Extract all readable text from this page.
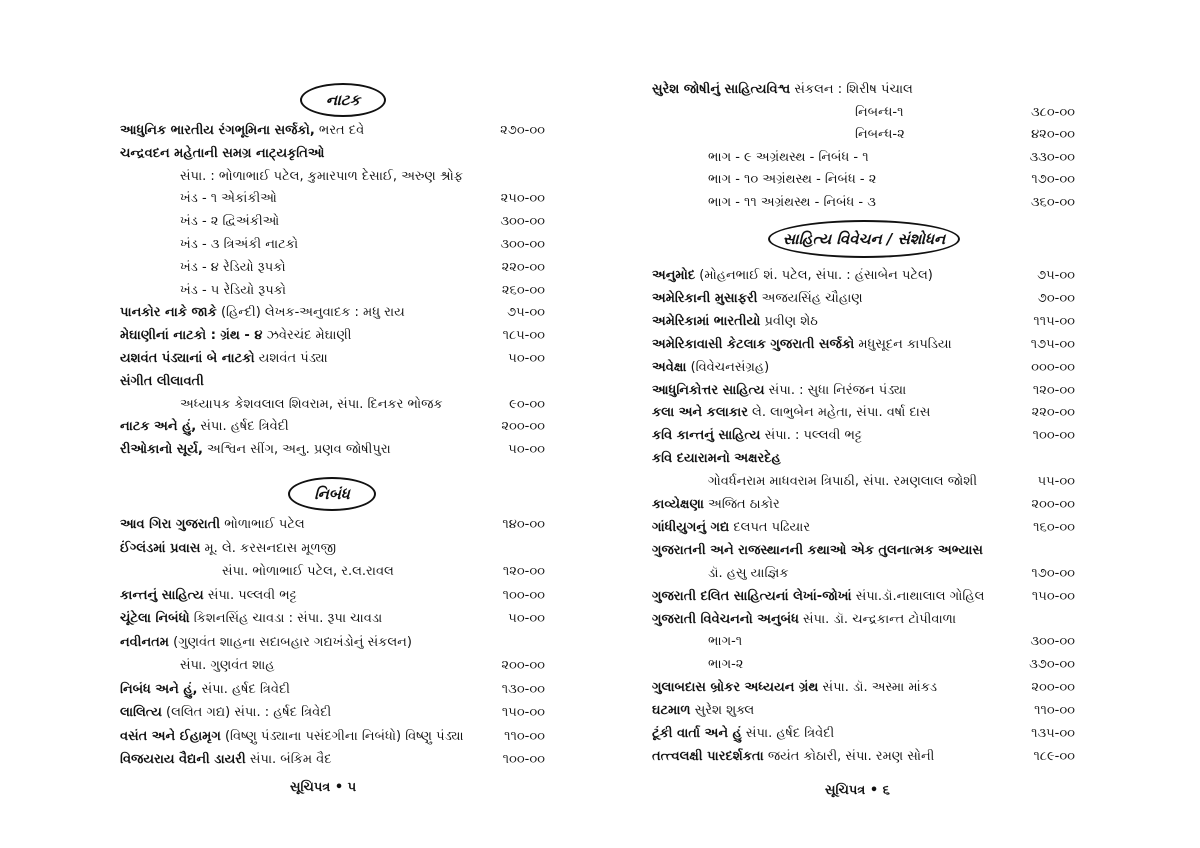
નાટક
આધુનિક ભારતીય રંગભૂમિના સર્જકો, ભરત દવે	૨૭૦-૦૦
ચન્દ્રવદન મહેતાની સમગ્ર નાટ્યકૃતિઓ
સંપા. : ભોળાભાઈ પટેલ, કુમારપાળ દેસાઈ, અરુણ શ્રોફ
ખંડ - ૧ એકાંકીઓ	૨૫૦-૦૦
ખંડ - ૨ દ્વિઅંકીઓ	૩૦૦-૦૦
ખંડ - ૩ ત્રિઅંકી નાટકો	૩૦૦-૦૦
ખંડ - ૪ રેડિયો રૂપકો	૨૨૦-૦૦
ખંડ - ૫ રેડિયો રૂપકો	૨૬૦-૦૦
પાનકોર નાકે જાકે (હિન્દી) લેખક-અનુવાદક : મધુ રાય	૭૫-૦૦
મેઘાણીનાં નાટકો : ગ્રંથ - ૪ ઝવેરચંદ મેઘાણી	૧૮૫-૦૦
યશવંત પંડ્યાનાં બે નાટકો યશવંત પંડ્યા	૫૦-૦૦
સંગીત લીલાવતી
અધ્યાપક કેશવલાલ શિવરામ, સંપા. દિનકર ભોજક	૯૦-૦૦
નાટક અને હું, સંપા. હર્ષદ ત્રિવેદી	૨૦૦-૦૦
રીઓકાનો સૂર્ય, અશ્વિન સીંગ, અનુ. પ્રણવ જોષીપુરા	૫૦-૦૦
નિબંધ
આવ ગિરા ગુજરાતી ભોળાભાઈ પટેલ	૧૪૦-૦૦
ઈંગ્લંડમાં પ્રવાસ મૂ. લે. કરસનદાસ મૂળજી
સંપા. ભોળાભાઈ પટેલ, ર.લ.રાવલ	૧૨૦-૦૦
કાન્તનું સાહિત્ય સંપા. પલ્લવી ભટ્ટ	૧૦૦-૦૦
ચૂંટેલા નિબંધો કિશનસિંહ ચાવડા : સંપા. રૂપા ચાવડા	૫૦-૦૦
નવીનતમ (ગુણવંત શાહના સદાબહાર ગદ્યખંડોનું સંકલન)
સંપા. ગુણવંત શાહ	૨૦૦-૦૦
નિબંધ અને હું, સંપા. હર્ષદ ત્રિવેદી	૧૩૦-૦૦
લાલિત્ય (લલિત ગદ્ય) સંપા. : હર્ષદ ત્રિવેદી	૧૫૦-૦૦
વસંત અને ઈહામૃગ (વિષ્ણુ પંડ્યાના પસંદગીના નિબંધો) વિષ્ણુ પંડ્યા	૧૧૦-૦૦
વિજયરાય વૈદ્યની ડાયરી સંપા. બંકિમ વૈદ	૧૦૦-૦૦
સૂચિપત્ર • ૫
સુરેશ જોષીનું સાહિત્યવિશ્વ સંકલન : શિરીષ પંચાલ
નિબન્ધ-૧	૩૮૦-૦૦
નિબન્ધ-૨	૪૨૦-૦૦
ભાગ - ૯ અગ્રંથસ્થ - નિબંધ - ૧	૩૩૦-૦૦
ભાગ - ૧૦ અગ્રંથસ્થ - નિબંધ - ૨	૧૭૦-૦૦
ભાગ - ૧૧ અગ્રંથસ્થ - નિબંધ - ૩	૩૬૦-૦૦
સાહિત્ય વિવેચન / સંશોધન
અનુમોદ (મોહનભાઈ શં. પટેલ, સંપા. : હંસાબેન પટેલ)	૭૫-૦૦
અમેરિકાની મુસાફરી અજયસિંહ ચૌહાણ	૭૦-૦૦
અમેરિકામાં ભારતીયો પ્રવીણ શેઠ	૧૧૫-૦૦
અમેરિકાવાસી કેટલાક ગુજરાતી સર્જકો મધુસૂદન કાપડિયા	૧૭૫-૦૦
અવેક્ષા (વિવેચનસંગ્રહ)	૦૦૦-૦૦
આધુનિકોત્તર સાહિત્ય સંપા. : સુધા નિરંજન પંડ્યા	૧૨૦-૦૦
કલા અને કલાકાર લે. લાભુબેન મહેતા, સંપા. વર્ષા દાસ	૨૨૦-૦૦
કવિ કાન્તનું સાહિત્ય સંપા. : પલ્લવી ભટ્ટ	૧૦૦-૦૦
કવિ દયારામનો અક્ષરદેહ
ગોવર્ધનરામ માધવરામ ત્રિપાઠી, સંપા. રમણલાલ જોશી	૫૫-૦૦
કાવ્યેક્ષણા અજિત ઠાકોર	૨૦૦-૦૦
ગાંધીયુગનું ગદ્ય દલપત પઢિયાર	૧૬૦-૦૦
ગુજરાતની અને રાજસ્થાનની કથાઓ એક તુલનાત્મક અભ્યાસ
ડૉ. હસુ યાજ્ઞિક	૧૭૦-૦૦
ગુજરાતી દલિત સાહિત્યનાં લેખાં-જોખાં સંપા.ડૉ.નાથાલાલ ગોહિલ	૧૫૦-૦૦
ગુજરાતી વિવેચનનો અનુબંધ સંપા. ડૉ. ચન્દ્રકાન્ત ટોપીવાળા
ભાગ-૧	૩૦૦-૦૦
ભાગ-૨	૩૭૦-૦૦
ગુલાબદાસ બ્રોકર અધ્યયન ગ્રંથ સંપા. ડૉ. અસ્મા માંકડ	૨૦૦-૦૦
ઘટમાળ સુરેશ શુક્લ	૧૧૦-૦૦
ટૂંકી વાર્તા અને હું સંપા. હર્ષદ ત્રિવેદી	૧૩૫-૦૦
તત્ત્વલક્ષી પારદર્શકતા જયંત કોઠારી, સંપા. રમણ સોની	૧૮૯-૦૦
સૂચિપત્ર • ૬
